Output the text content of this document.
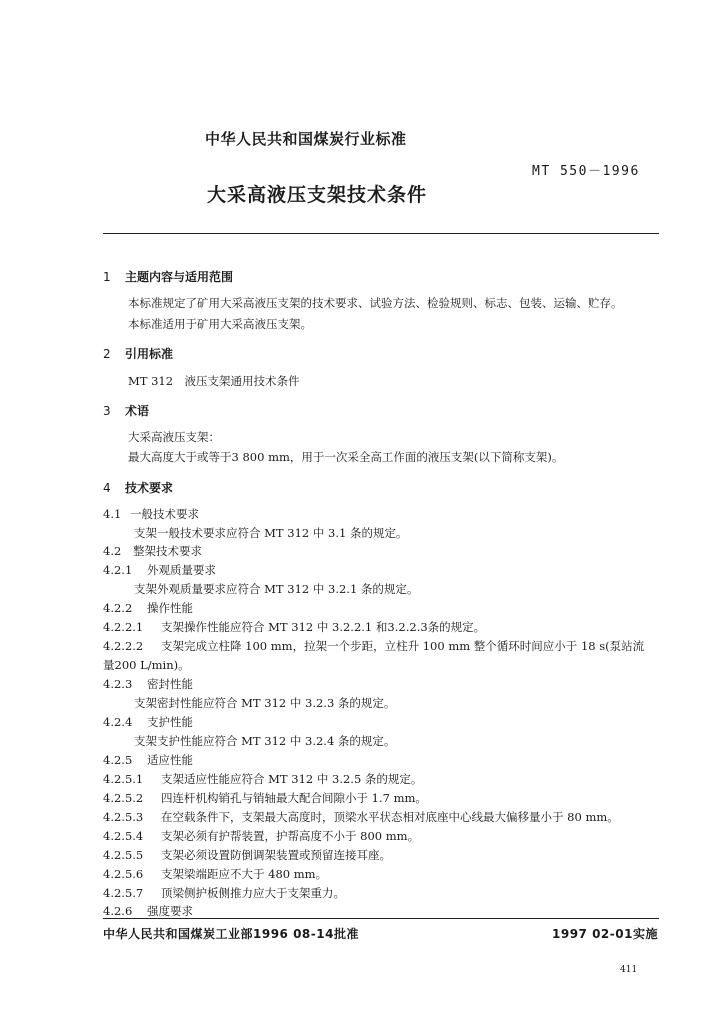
中华人民共和国煤炭行业标准
MT 550－1996
大采高液压支架技术条件
1 主题内容与适用范围
本标准规定了矿用大采高液压支架的技术要求、试验方法、检验规则、标志、包装、运输、贮存。
本标准适用于矿用大采高液压支架。
2 引用标准
MT 312　液压支架通用技术条件
3 术语
大采高液压支架：
最大高度大于或等于3 800 mm，用于一次采全高工作面的液压支架(以下简称支架)。
4 技术要求
4.1 一般技术要求
支架一般技术要求应符合 MT 312 中 3.1 条的规定。
4.2 整架技术要求
4.2.1 外观质量要求
支架外观质量要求应符合 MT 312 中 3.2.1 条的规定。
4.2.2 操作性能
4.2.2.1 支架操作性能应符合 MT 312 中 3.2.2.1 和3.2.2.3条的规定。
4.2.2.2 支架完成立柱降 100 mm，拉架一个步距，立柱升 100 mm 整个循环时间应小于 18 s(泵站流
量200 L/min)。
4.2.3 密封性能
支架密封性能应符合 MT 312 中 3.2.3 条的规定。
4.2.4 支护性能
支架支护性能应符合 MT 312 中 3.2.4 条的规定。
4.2.5 适应性能
4.2.5.1 支架适应性能应符合 MT 312 中 3.2.5 条的规定。
4.2.5.2 四连杆机构销孔与销轴最大配合间隙小于 1.7 mm。
4.2.5.3 在空载条件下，支架最大高度时，顶梁水平状态相对底座中心线最大偏移量小于 80 mm。
4.2.5.4 支架必须有护帮装置，护帮高度不小于 800 mm。
4.2.5.5 支架必须设置防倒调架装置或预留连接耳座。
4.2.5.6 支架梁端距应不大于 480 mm。
4.2.5.7 顶梁侧护板侧推力应大于支架重力。
4.2.6 强度要求
中华人民共和国煤炭工业部1996 08-14批准	1997 02-01实施
411
